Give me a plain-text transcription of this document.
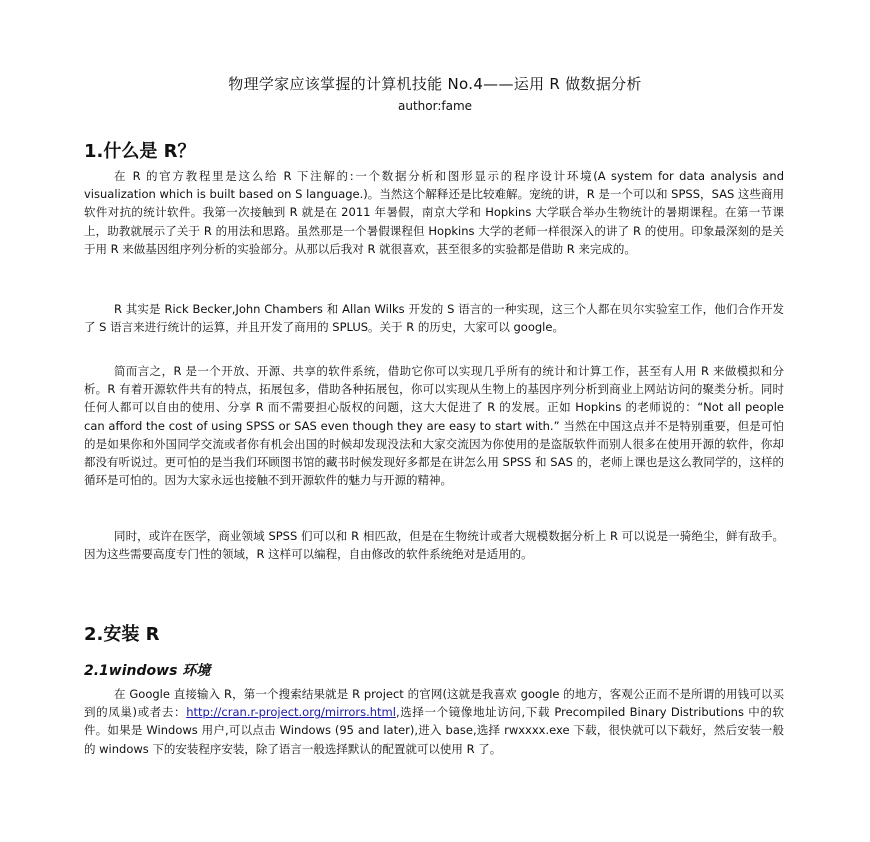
物理学家应该掌握的计算机技能 No.4——运用 R 做数据分析
author:fame
1.什么是 R？

在 R 的官方教程里是这么给 R 下注解的:一个数据分析和图形显示的程序设计环境(A system for data analysis and visualization which is built based on S language.)。当然这个解释还是比较难解。宠统的讲，R 是一个可以和 SPSS，SAS 这些商用软件对抗的统计软件。我第一次接触到 R 就是在 2011 年暑假，南京大学和 Hopkins 大学联合举办生物统计的暑期课程。在第一节课上，助教就展示了关于 R 的用法和思路。虽然那是一个暑假课程但 Hopkins 大学的老师一样很深入的讲了 R 的使用。印象最深刻的是关于用 R 来做基因组序列分析的实验部分。从那以后我对 R 就很喜欢，甚至很多的实验都是借助 R 来完成的。

R 其实是 Rick Becker,John Chambers 和 Allan Wilks 开发的 S 语言的一种实现，这三个人都在贝尔实验室工作，他们合作开发了 S 语言来进行统计的运算，并且开发了商用的 SPLUS。关于 R 的历史，大家可以 google。

简而言之，R 是一个开放、开源、共享的软件系统，借助它你可以实现几乎所有的统计和计算工作，甚至有人用 R 来做模拟和分析。R 有着开源软件共有的特点，拓展包多，借助各种拓展包，你可以实现从生物上的基因序列分析到商业上网站访问的聚类分析。同时任何人都可以自由的使用、分享 R 而不需要担心版权的问题，这大大促进了 R 的发展。正如 Hopkins 的老师说的：“Not all people can afford the cost of using SPSS or SAS even though they are easy to start with.” 当然在中国这点并不是特别重要，但是可怕的是如果你和外国同学交流或者你有机会出国的时候却发现没法和大家交流因为你使用的是盗版软件而别人很多在使用开源的软件，你却都没有听说过。更可怕的是当我们环顾图书馆的藏书时候发现好多都是在讲怎么用 SPSS 和 SAS 的，老师上课也是这么教同学的，这样的循环是可怕的。因为大家永远也接触不到开源软件的魅力与开源的精神。

同时，或许在医学，商业领域 SPSS 们可以和 R 相匹敌，但是在生物统计或者大规模数据分析上 R 可以说是一骑绝尘，鲜有敌手。因为这些需要高度专门性的领域，R 这样可以编程，自由修改的软件系统绝对是适用的。

2.安装 R
2.1windows 环境

在 Google 直接输入 R，第一个搜索结果就是 R project 的官网(这就是我喜欢 google 的地方，客观公正而不是所谓的用钱可以买到的凤巢)或者去：http://cran.r-project.org/mirrors.html,选择一个镜像地址访问,下载 Precompiled Binary Distributions 中的软件。如果是 Windows 用户,可以点击 Windows (95 and later),进入 base,选择 rwxxxx.exe 下载，很快就可以下载好，然后安装一般的 windows 下的安装程序安装，除了语言一般选择默认的配置就可以使用 R 了。
